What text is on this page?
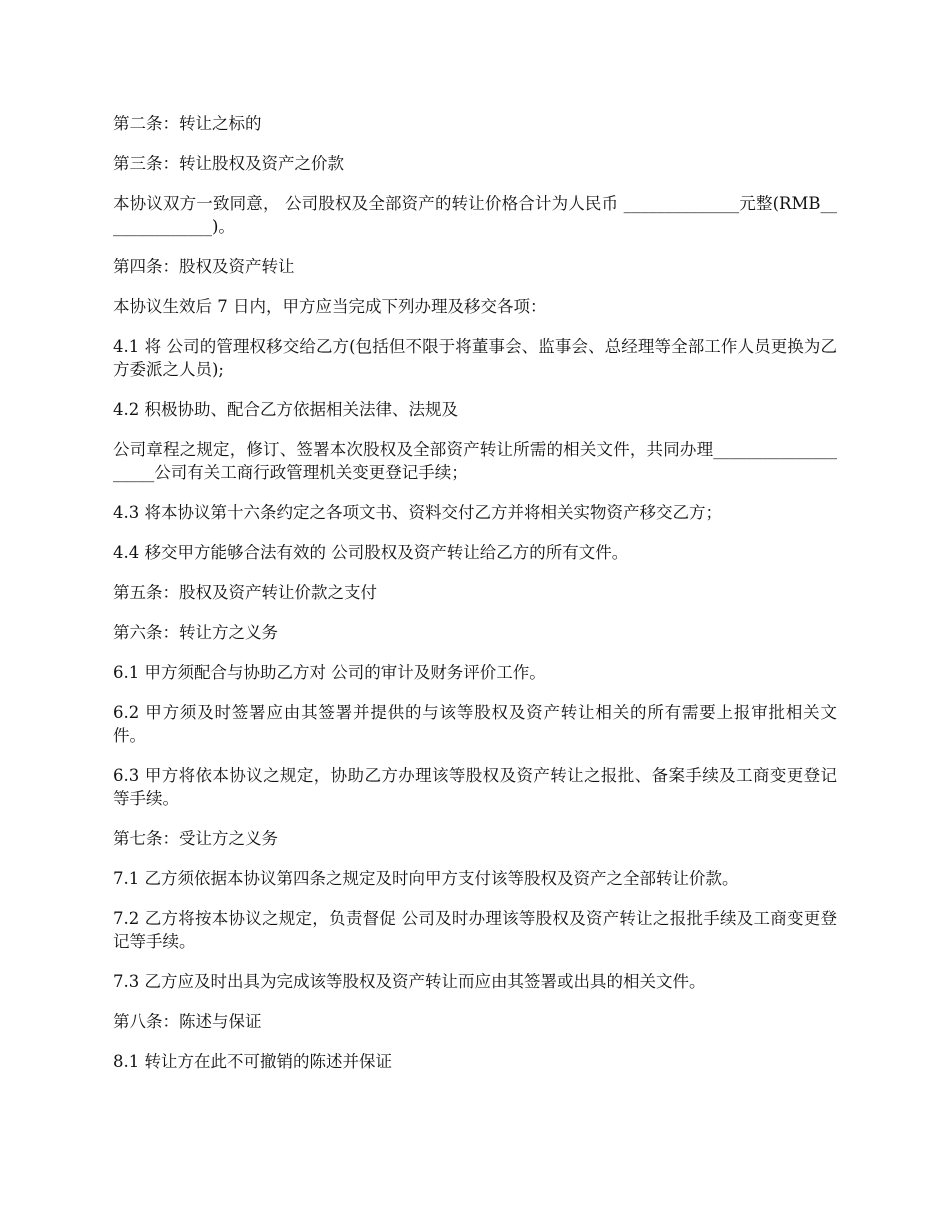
第二条：转让之标的

第三条：转让股权及资产之价款

本协议双方一致同意， 公司股权及全部资产的转让价格合计为人民币 ______________元整(RMB______________)。

第四条：股权及资产转让

本协议生效后 7 日内，甲方应当完成下列办理及移交各项：

4.1 将 公司的管理权移交给乙方(包括但不限于将董事会、监事会、总经理等全部工作人员更换为乙方委派之人员);

4.2 积极协助、配合乙方依据相关法律、法规及

公司章程之规定，修订、签署本次股权及全部资产转让所需的相关文件，共同办理____________________公司有关工商行政管理机关变更登记手续；

4.3 将本协议第十六条约定之各项文书、资料交付乙方并将相关实物资产移交乙方；

4.4 移交甲方能够合法有效的 公司股权及资产转让给乙方的所有文件。

第五条：股权及资产转让价款之支付

第六条：转让方之义务

6.1 甲方须配合与协助乙方对 公司的审计及财务评价工作。

6.2 甲方须及时签署应由其签署并提供的与该等股权及资产转让相关的所有需要上报审批相关文件。

6.3 甲方将依本协议之规定，协助乙方办理该等股权及资产转让之报批、备案手续及工商变更登记等手续。

第七条：受让方之义务

7.1 乙方须依据本协议第四条之规定及时向甲方支付该等股权及资产之全部转让价款。

7.2 乙方将按本协议之规定，负责督促 公司及时办理该等股权及资产转让之报批手续及工商变更登记等手续。

7.3 乙方应及时出具为完成该等股权及资产转让而应由其签署或出具的相关文件。

第八条：陈述与保证

8.1 转让方在此不可撤销的陈述并保证
